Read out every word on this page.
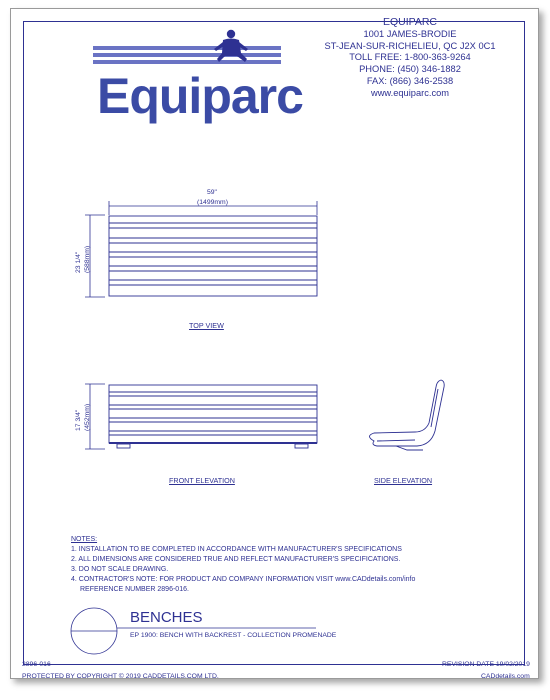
EQUIPARC
1001 JAMES-BRODIE
ST-JEAN-SUR-RICHELIEU, QC J2X 0C1
TOLL FREE: 1-800-363-9264
PHONE: (450) 346-1882
FAX: (866) 346-2538
www.equiparc.com
Equiparc
59"
(1499mm)
23 1/4" (588mm)
TOP VIEW
17 3/4" (452mm)
FRONT ELEVATION	SIDE ELEVATION
NOTES:
1. INSTALLATION TO BE COMPLETED IN ACCORDANCE WITH MANUFACTURER'S SPECIFICATIONS
2. ALL DIMENSIONS ARE CONSIDERED TRUE AND REFLECT MANUFACTURER'S SPECIFICATIONS.
3. DO NOT SCALE DRAWING.
4. CONTRACTOR'S NOTE: FOR PRODUCT AND COMPANY INFORMATION VISIT www.CADdetails.com/info
REFERENCE NUMBER 2896-016.
BENCHES
EP 1900: BENCH WITH BACKREST - COLLECTION PROMENADE
2896-016	REVISION DATE 19/02/2019
PROTECTED BY COPYRIGHT © 2019 CADDETAILS.COM LTD.	CADdetails.com
